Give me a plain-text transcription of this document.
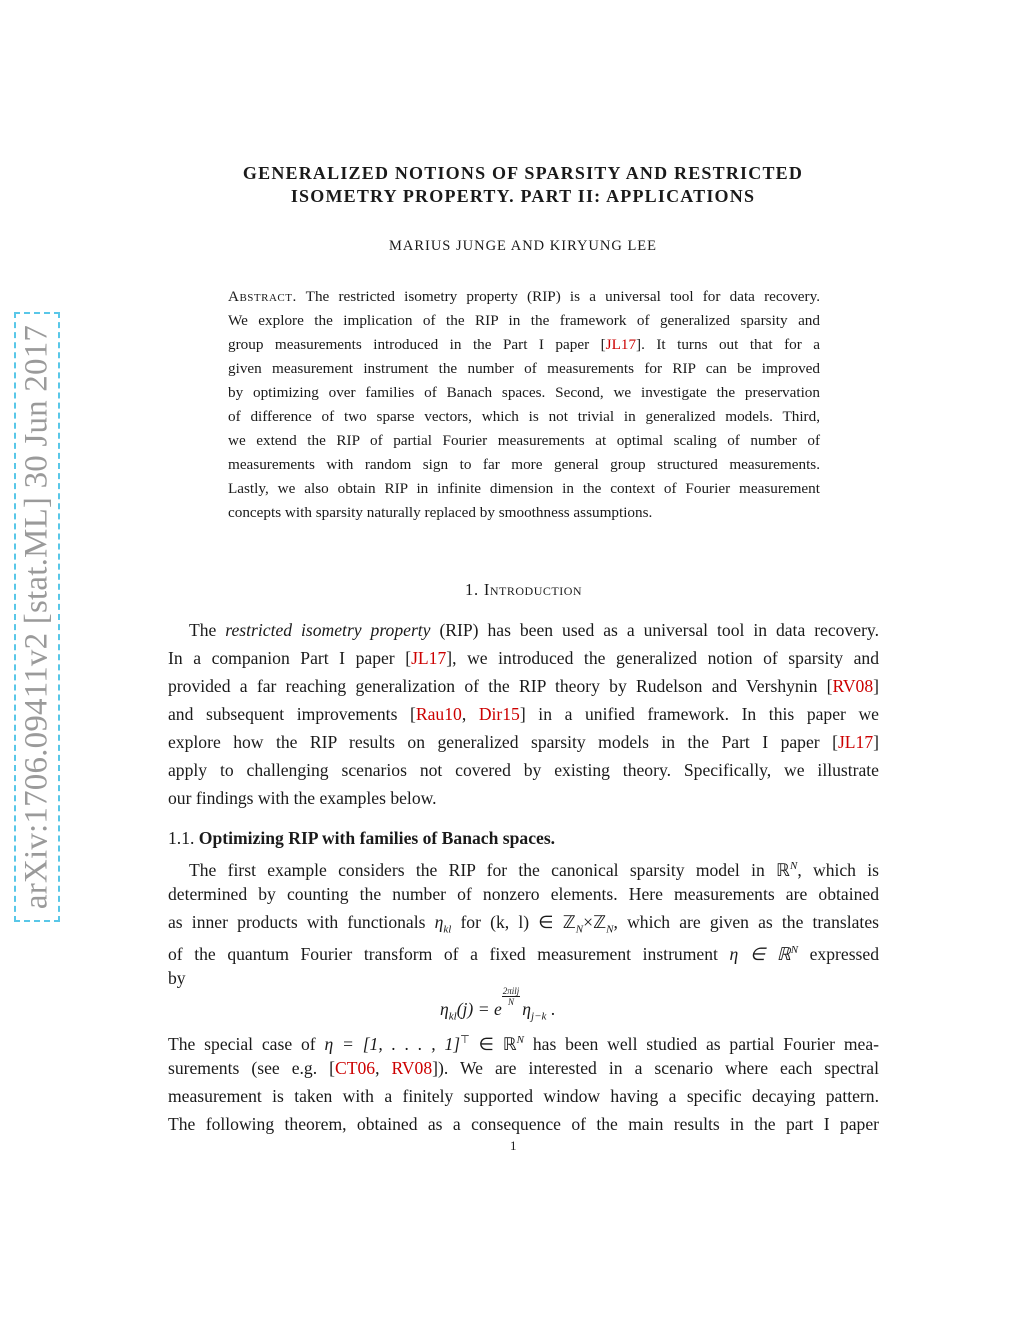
arXiv:1706.09411v2 [stat.ML] 30 Jun 2017
GENERALIZED NOTIONS OF SPARSITY AND RESTRICTED
ISOMETRY PROPERTY. PART II: APPLICATIONS
MARIUS JUNGE AND KIRYUNG LEE
Abstract. The restricted isometry property (RIP) is a universal tool for data recovery.
We explore the implication of the RIP in the framework of generalized sparsity and
group measurements introduced in the Part I paper [JL17]. It turns out that for a
given measurement instrument the number of measurements for RIP can be improved
by optimizing over families of Banach spaces. Second, we investigate the preservation
of difference of two sparse vectors, which is not trivial in generalized models. Third,
we extend the RIP of partial Fourier measurements at optimal scaling of number of
measurements with random sign to far more general group structured measurements.
Lastly, we also obtain RIP in infinite dimension in the context of Fourier measurement
concepts with sparsity naturally replaced by smoothness assumptions.
1. Introduction
The restricted isometry property (RIP) has been used as a universal tool in data recovery.
In a companion Part I paper [JL17], we introduced the generalized notion of sparsity and
provided a far reaching generalization of the RIP theory by Rudelson and Vershynin [RV08]
and subsequent improvements [Rau10, Dir15] in a unified framework. In this paper we
explore how the RIP results on generalized sparsity models in the Part I paper [JL17]
apply to challenging scenarios not covered by existing theory. Specifically, we illustrate
our findings with the examples below.
1.1. Optimizing RIP with families of Banach spaces.
The first example considers the RIP for the canonical sparsity model in ℝ$^N$, which is
determined by counting the number of nonzero elements. Here measurements are obtained
as inner products with functionals $\eta_{kl}$ for (k, l) ∈ ℤ$_N$×ℤ$_N$, which are given as the translates
of the quantum Fourier transform of a fixed measurement instrument η ∈ ℝ$^N$ expressed
by
$\eta_{kl}(j) = e$
2πilj
N $\eta_{j-k}$ .
The special case of η = [1, . . . , 1]⊤ ∈ ℝ$^N$ has been well studied as partial Fourier mea-
surements (see e.g. [CT06, RV08]). We are interested in a scenario where each spectral
measurement is taken with a finitely supported window having a specific decaying pattern.
The following theorem, obtained as a consequence of the main results in the part I paper
1
